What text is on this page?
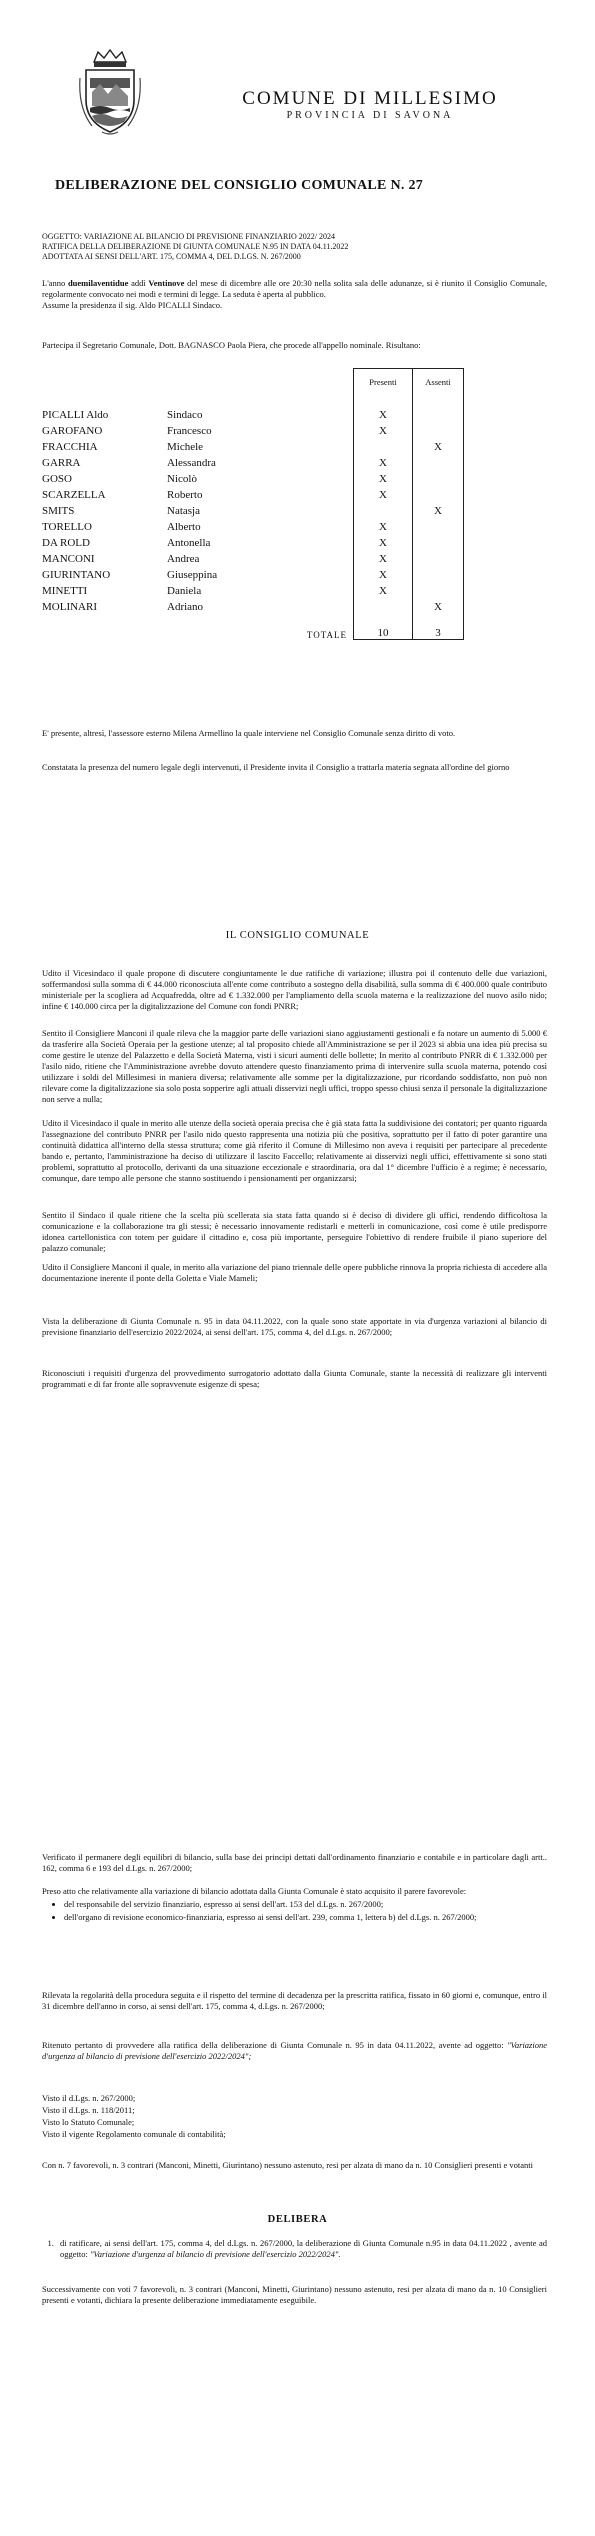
COMUNE DI MILLESIMO
PROVINCIA DI SAVONA
DELIBERAZIONE DEL CONSIGLIO COMUNALE N. 27

OGGETTO: VARIAZIONE AL BILANCIO DI PREVISIONE FINANZIARIO 2022/ 2024

RATIFICA DELLA DELIBERAZIONE DI GIUNTA COMUNALE N.95 IN DATA 04.11.2022

ADOTTATA AI SENSI DELL'ART. 175, COMMA 4, DEL D.LGS. N. 267/2000

L'anno duemilaventidue addì Ventinove del mese di dicembre alle ore 20:30 nella solita sala delle adunanze, si è riunito il Consiglio Comunale, regolarmente convocato nei modi e termini di legge. La seduta è aperta al pubblico.

Assume la presidenza il sig. Aldo PICALLI Sindaco.

Partecipa il Segretario Comunale, Dott. BAGNASCO Paola Piera, che procede all'appello nominale. Risultano:
		Presenti	Assenti

PICALLI Aldo	Sindaco	X	
GAROFANO	Francesco	X	
FRACCHIA	Michele		X
GARRA	Alessandra	X	
GOSO	Nicolò	X	
SCARZELLA	Roberto	X	
SMITS	Natasja		X
TORELLO	Alberto	X	
DA ROLD	Antonella	X	
MANCONI	Andrea	X	
GIURINTANO	Giuseppina	X	
MINETTI	Daniela	X	
MOLINARI	Adriano		X

	TOTALE	10	3
E' presente, altresì, l'assessore esterno Milena Armellino la quale interviene nel Consiglio Comunale senza diritto di voto.
Constatata la presenza del numero legale degli intervenuti, il Presidente invita il Consiglio a trattarla materia segnata all'ordine del giorno
IL CONSIGLIO COMUNALE
Udito il Vicesindaco il quale propone di discutere congiuntamente le due ratifiche di variazione; illustra poi il contenuto delle due variazioni, soffermandosi sulla somma di € 44.000 riconosciuta all'ente come contributo a sostegno della disabilità, sulla somma di € 400.000 quale contributo ministeriale per la scogliera ad Acquafredda, oltre ad € 1.332.000 per l'ampliamento della scuola materna e la realizzazione del nuovo asilo nido; infine € 140.000 circa per la digitalizzazione del Comune con fondi PNRR;
Sentito il Consigliere Manconi il quale rileva che la maggior parte delle variazioni siano aggiustamenti gestionali e fa notare un aumento di 5.000 € da trasferire alla Società Operaia per la gestione utenze; al tal proposito chiede all'Amministrazione se per il 2023 si abbia una idea più precisa su come gestire le utenze del Palazzetto e della Società Materna, visti i sicuri aumenti delle bollette; In merito al contributo PNRR di € 1.332.000 per l'asilo nido, ritiene che l'Amministrazione avrebbe dovuto attendere questo finanziamento prima di intervenire sulla scuola materna, potendo così utilizzare i soldi del Millesimesi in maniera diversa; relativamente alle somme per la digitalizzazione, pur ricordando soddisfatto, non può non rilevare come la digitalizzazione sia solo posta sopperire agli attuali disservizi negli uffici, troppo spesso chiusi senza il personale la digitalizzazione non serve a nulla;
Udito il Vicesindaco il quale in merito alle utenze della società operaia precisa che è già stata fatta la suddivisione dei contatori; per quanto riguarda l'assegnazione del contributo PNRR per l'asilo nido questo rappresenta una notizia più che positiva, soprattutto per il fatto di poter garantire una continuità didattica all'interno della stessa struttura; come già riferito il Comune di Millesimo non aveva i requisiti per partecipare al precedente bando e, pertanto, l'amministrazione ha deciso di utilizzare il lascito Faccello; relativamente ai disservizi negli uffici, effettivamente si sono stati problemi, soprattutto al protocollo, derivanti da una situazione eccezionale e straordinaria, ora dal 1° dicembre l'ufficio è a regime; è necessario, comunque, dare tempo alle persone che stanno sostituendo i pensionamenti per organizzarsi;
Sentito il Sindaco il quale ritiene che la scelta più scellerata sia stata fatta quando si è deciso di dividere gli uffici, rendendo difficoltosa la comunicazione e la collaborazione tra gli stessi; è necessario innovamente redistarli e metterli in comunicazione, così come è utile predisporre idonea cartellonistica con totem per guidare il cittadino e, cosa più importante, perseguire l'obiettivo di rendere fruibile il piano superiore del palazzo comunale;
Udito il Consigliere Manconi il quale, in merito alla variazione del piano triennale delle opere pubbliche rinnova la propria richiesta di accedere alla documentazione inerente il ponte della Goletta e Viale Mameli;
Vista la deliberazione di Giunta Comunale n. 95 in data 04.11.2022, con la quale sono state apportate in via d'urgenza variazioni al bilancio di previsione finanziario dell'esercizio 2022/2024, ai sensi dell'art. 175, comma 4, del d.Lgs. n. 267/2000;
Riconosciuti i requisiti d'urgenza del provvedimento surrogatorio adottato dalla Giunta Comunale, stante la necessità di realizzare gli interventi programmati e di far fronte alle sopravvenute esigenze di spesa;
Verificato il permanere degli equilibri di bilancio, sulla base dei principi dettati dall'ordinamento finanziario e contabile e in particolare dagli artt.. 162, comma 6 e 193 del d.Lgs. n. 267/2000;

Preso atto che relativamente alla variazione di bilancio adottata dalla Giunta Comunale è stato acquisito il parere favorevole:

• del responsabile del servizio finanziario, espresso ai sensi dell'art. 153 del d.Lgs. n. 267/2000;
• dell'organo di revisione economico-finanziaria, espresso ai sensi dell'art. 239, comma 1, lettera b) del d.Lgs. n. 267/2000;
Rilevata la regolarità della procedura seguita e il rispetto del termine di decadenza per la prescritta ratifica, fissato in 60 giorni e, comunque, entro il 31 dicembre dell'anno in corso, ai sensi dell'art. 175, comma 4, d.Lgs. n. 267/2000;
Ritenuto pertanto di provvedere alla ratifica della deliberazione di Giunta Comunale n. 95 in data 04.11.2022, avente ad oggetto: "Variazione d'urgenza al bilancio di previsione dell'esercizio 2022/2024";

Visto il d.Lgs. n. 267/2000;

Visto il d.Lgs. n. 118/2011;

Visto lo Statuto Comunale;

Visto il vigente Regolamento comunale di contabilità;

Con n. 7 favorevoli, n. 3 contrari (Manconi, Minetti, Giurintano) nessuno astenuto, resi per alzata di mano da n. 10 Consiglieri presenti e votanti
DELIBERA
1. di ratificare, ai sensi dell'art. 175, comma 4, del d.Lgs. n. 267/2000, la deliberazione di Giunta Comunale n.95 in data 04.11.2022 , avente ad oggetto: "Variazione d'urgenza al bilancio di previsione dell'esercizio 2022/2024".
Successivamente con voti 7 favorevoli, n. 3 contrari (Manconi, Minetti, Giurintano) nessuno astenuto, resi per alzata di mano da n. 10 Consiglieri presenti e votanti, dichiara la presente deliberazione immediatamente eseguibile.
